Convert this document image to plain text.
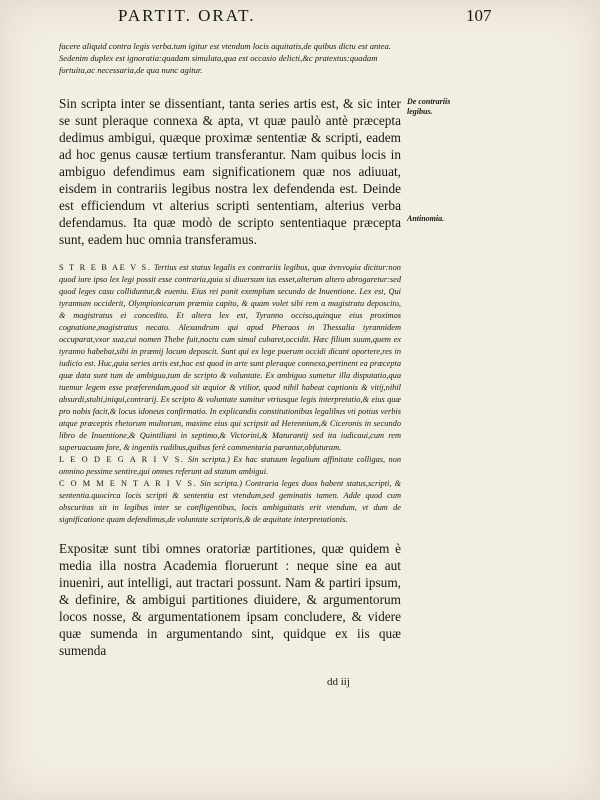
PARTIT. ORAT.	107
facere aliquid contra legis verba.tum igitur est vtendum locis aquitatis,de quibus dictu est antea. Sedenim duplex est ignoratia:quadam simulata,qua est occasio delicti,&c pratextus:quadam fortuita,ac necessaria,de qua nunc agitur.
Sin scripta inter se dissentiant, tanta series artis est, & sic inter se sunt pleraque connexa & apta, vt quæ paulò antè præcepta dedimus ambigui, quæque proximæ sententiæ & scripti, eadem ad hoc genus causæ tertium transferantur. Nam quibus locis in ambiguo defendimus eam significationem quæ nos adiuuat, eisdem in contrariis legibus nostra lex defendenda est. Deinde est efficiendum vt alterius scripti sententiam, alterius verba defendamus. Ita quæ modò de scripto sententiaque præcepta sunt, eadem huc omnia transferamus.
De contrariis legibus.
Antinomia.

S T R E B AE V S. Tertius est status legalis ex contrariis legibus, quæ ἀντινομία dicitur:non quod iure ipso lex legi possit esse contraria,quia si diuersum ius esset,alterum altero abrogaretur:sed quod leges casu colliduntur,& eueniu. Eius rei ponit exemplum secundo de Inuentione. Lex est, Qui tyrannum occiderit, Olympionicarum præmia capito, & quam volet sibi rem a magistratu deposcito, & magistratus ei concedito. Et altera lex est, Tyranno occiso,quinque eius proximos cognatione,magistratus necato. Alexandrum qui apud Pheraos in Thessalia tyrannidem occuparat,vxor sua,cui nomen Thebe fuit,noctu cum simul cubaret,occidit. Hæc filium suum,quem ex tyranno habebat,sibi in præmij locum deposcit. Sunt qui ex lege puerum occidi dicant oportere,res in iudicio est. Huc,quia series artis est,hoc est quod in arte sunt pleraque connexa,pertinent ea præcepta quæ data sunt tum de ambiguo,tum de scripto & voluntate. Ex ambiguo sumetur illa disputatio,qua tuemur legem esse præferendam,quod sit æquior & vtilior, quod nihil habeat captionis & vitij,nihil absurdi,stulti,iniqui,contrarij. Ex scripto & voluntate sumitur vtriusque legis interpretatio,& eius quæ pro nobis facit,& locus idoneus confirmatio. In explicandis constitutionibus legalibus vti potius verbis atque præceptis rhetorum multorum, maxime eius qui scripsit ad Herennium,& Ciceronis in secundo libro de Inuentione,& Quintiliani in septimo,& Victorini,& Maturantij sed ita iudicaui,cum rem superuacuam fore, & ingeniis rudibus,quibus ferè commentaria parantur,obfuturam.

L E O D E G A R I V S. Sin scripta.) Ex hac statuum legalium affinitate colligas, non omnino pessime sentire,qui omnes referunt ad statum ambigui.

C O M M E N T A R I V S. Sin scripta.) Contraria leges duos habent status,scripti, & sententia.quocirca locis scripti & sententia est vtendum,sed geminatis tamen. Adde quod cum obscuritas sit in legibus inter se confligentibus, locis ambiguitatis erit vtendum, vt dum de significatione quam defendimus,de voluntate scriptoris,& de æquitate interpretationis.

Expositæ sunt tibi omnes oratoriæ partitiones, quæ quidem è media illa nostra Academia floruerunt : neque sine ea aut inuenìri, aut intelligi, aut tractari possunt. Nam & partiri ipsum, & definire, & ambigui partitiones diuidere, & argumentorum locos nosse, & argumentationem ipsam concludere, & videre quæ sumenda in argumentando sint, quidque ex iis quæ sumenda
dd iij
